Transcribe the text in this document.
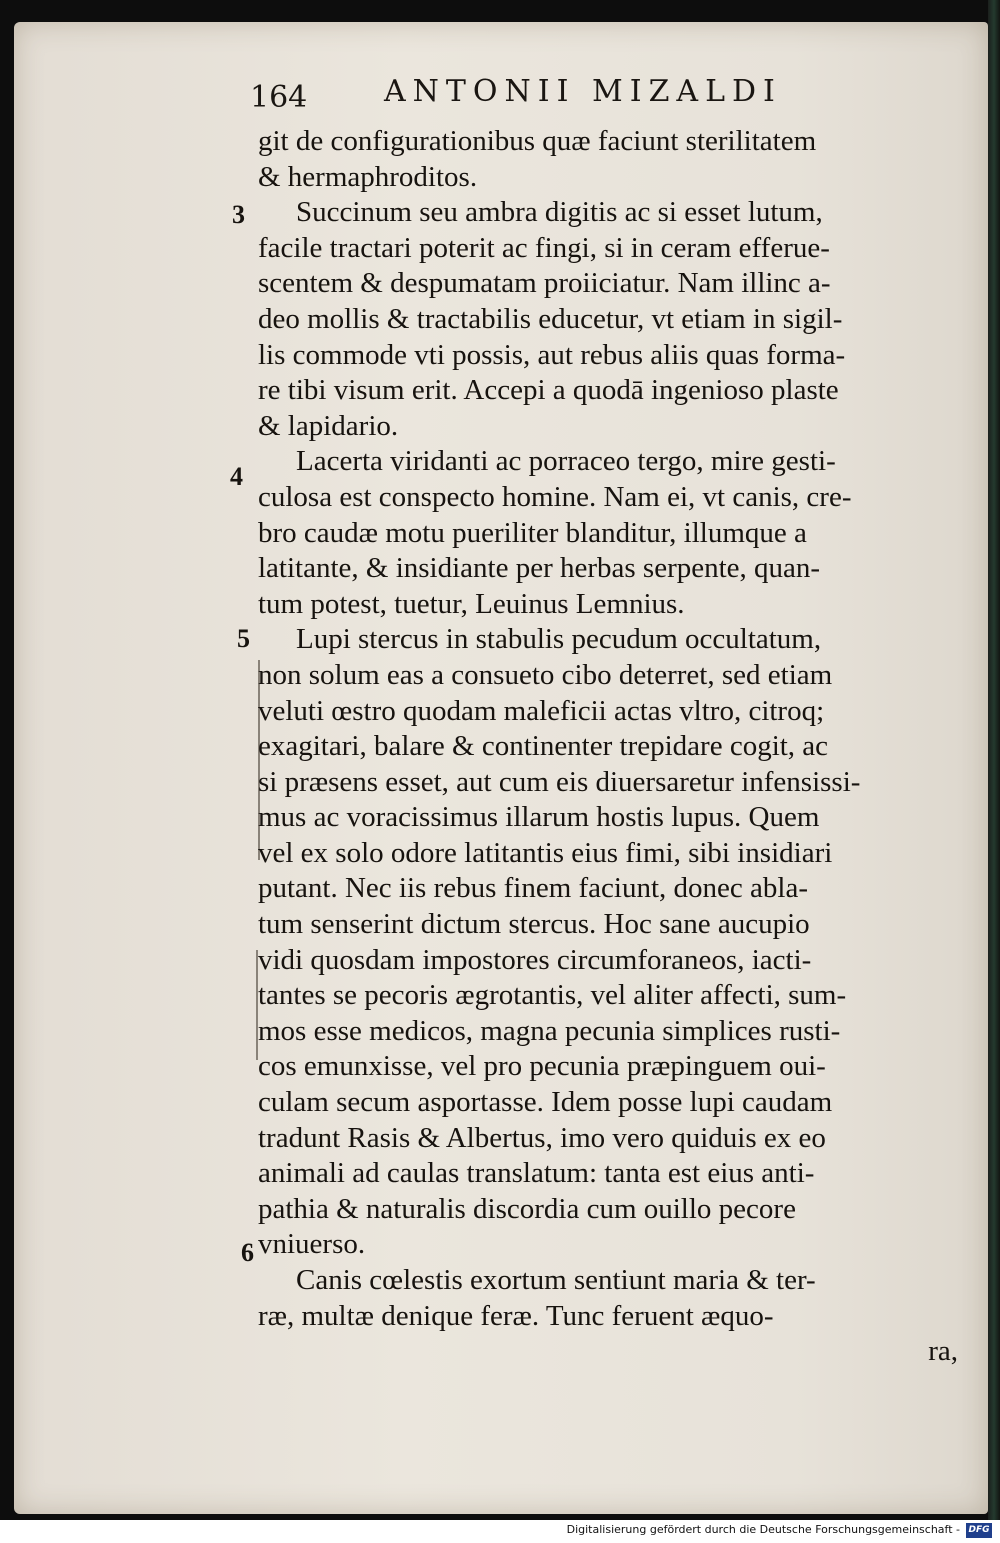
164	ANTONII MIZALDI
3
4
5
6
git de configurationibus quæ faciunt sterilitatem
& hermaphroditos.
Succinum seu ambra digitis ac si esset lutum,
facile tractari poterit ac fingi, si in ceram efferue-
scentem & despumatam proiiciatur. Nam illinc a-
deo mollis & tractabilis educetur, vt etiam in sigil-
lis commode vti possis, aut rebus aliis quas forma-
re tibi visum erit. Accepi a quodā ingenioso plaste
& lapidario.
Lacerta viridanti ac porraceo tergo, mire gesti-
culosa est conspecto homine. Nam ei, vt canis, cre-
bro caudæ motu pueriliter blanditur, illumque a
latitante, & insidiante per herbas serpente, quan-
tum potest, tuetur, Leuinus Lemnius.
Lupi stercus in stabulis pecudum occultatum,
non solum eas a consueto cibo deterret, sed etiam
veluti œstro quodam maleficii actas vltro, citroq;
exagitari, balare & continenter trepidare cogit, ac
si præsens esset, aut cum eis diuersaretur infensissi-
mus ac voracissimus illarum hostis lupus. Quem
vel ex solo odore latitantis eius fimi, sibi insidiari
putant. Nec iis rebus finem faciunt, donec abla-
tum senserint dictum stercus. Hoc sane aucupio
vidi quosdam impostores circumforaneos, iacti-
tantes se pecoris ægrotantis, vel aliter affecti, sum-
mos esse medicos, magna pecunia simplices rusti-
cos emunxisse, vel pro pecunia præpinguem oui-
culam secum asportasse. Idem posse lupi caudam
tradunt Rasis & Albertus, imo vero quiduis ex eo
animali ad caulas translatum: tanta est eius anti-
pathia & naturalis discordia cum ouillo pecore
vniuerso.
Canis cœlestis exortum sentiunt maria & ter-
ræ, multæ denique feræ. Tunc feruent æquo-
ra,
Digitalisierung gefördert durch die Deutsche Forschungsgemeinschaft - DFG
